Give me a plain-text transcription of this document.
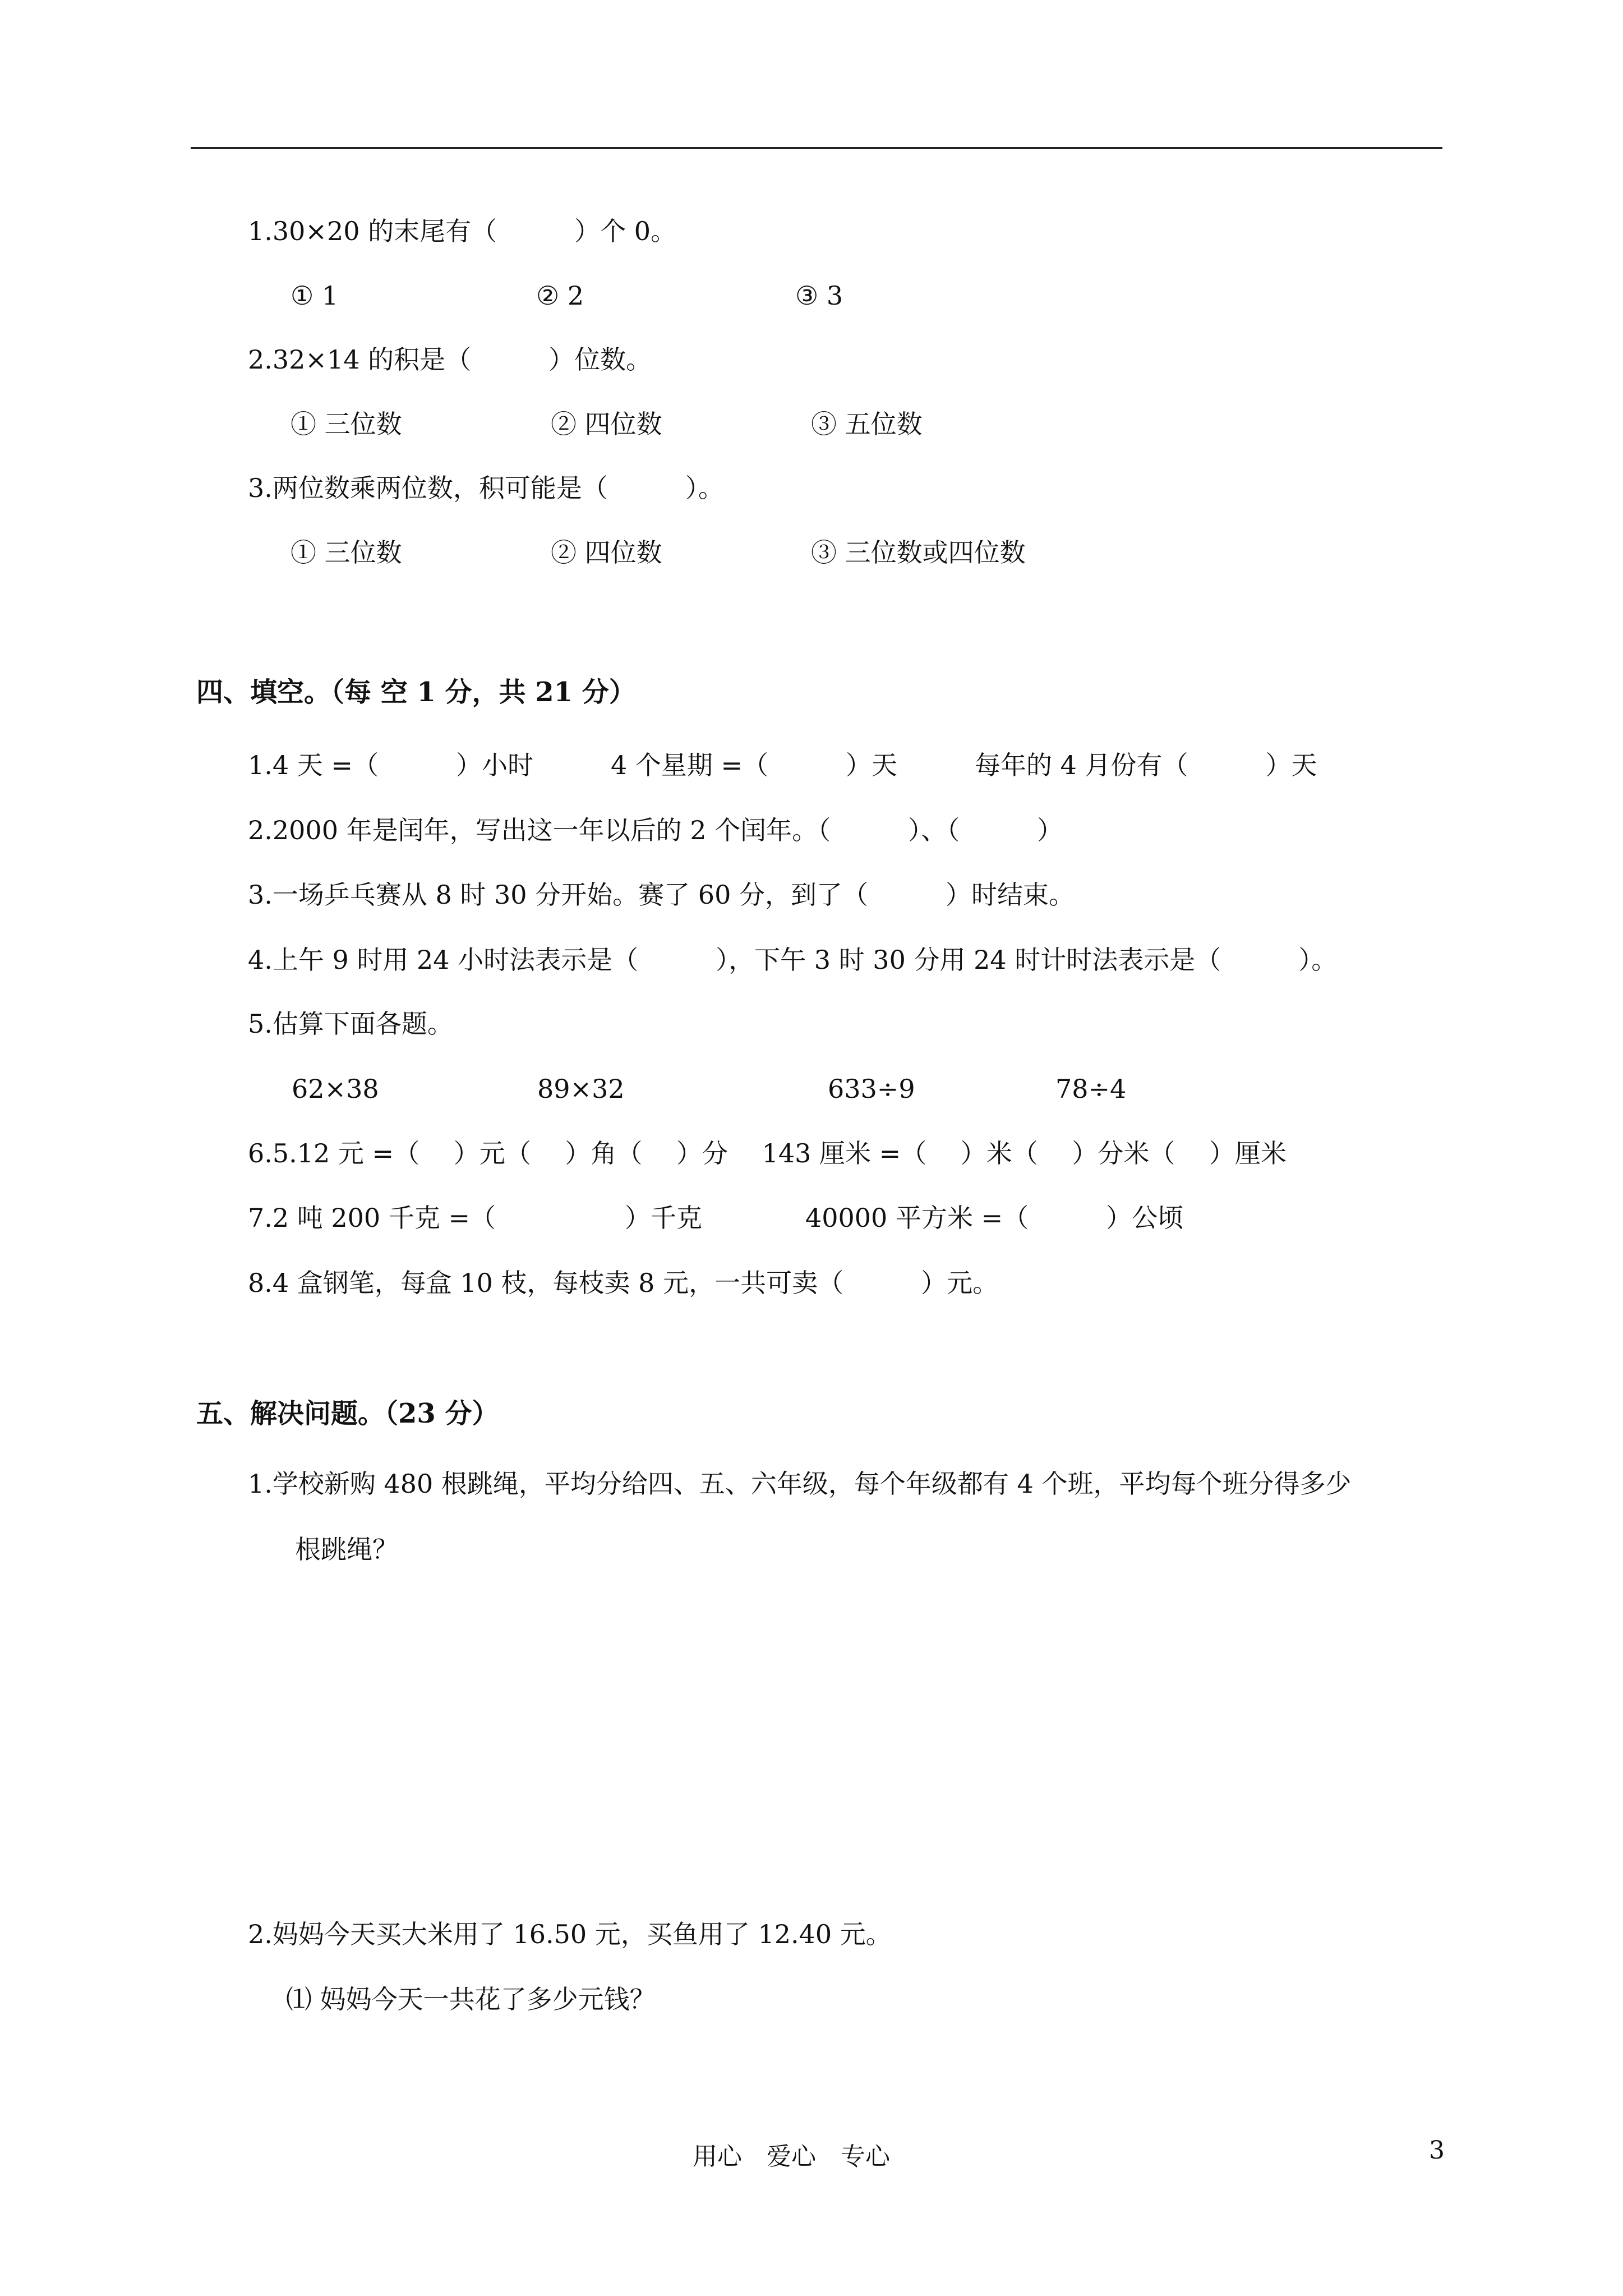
1.30×20 的末尾有（　　　）个 0。
① 1	② 2	③ 3
2.32×14 的积是（　　　）位数。
① 三位数	② 四位数	③ 五位数
3.两位数乘两位数，积可能是（　　　）。
① 三位数	② 四位数	③ 三位数或四位数
四、填空。（每 空 1 分，共 21 分）
1.4 天 =（　　　）小时　　　4 个星期 =（　　　）天　　　每年的 4 月份有（　　　）天
2.2000 年是闰年，写出这一年以后的 2 个闰年。（　　　）、（　　　）
3.一场乒乓赛从 8 时 30 分开始。赛了 60 分，到了（　　　）时结束。
4.上午 9 时用 24 小时法表示是（　　　），下午 3 时 30 分用 24 时计时法表示是（　　　）。
5.估算下面各题。
62×38	89×32	633÷9	78÷4
6.5.12 元 =（　 ）元（　 ）角（　 ）分　 143 厘米 =（　 ）米（　 ）分米（　 ）厘米
7.2 吨 200 千克 =（　　　　　）千克　　　　40000 平方米 =（　　　）公顷
8.4 盒钢笔，每盒 10 枝，每枝卖 8 元，一共可卖（　　　）元。
五、解决问题。（23 分）
1.学校新购 480 根跳绳，平均分给四、五、六年级，每个年级都有 4 个班，平均每个班分得多少
根跳绳？
2.妈妈今天买大米用了 16.50 元，买鱼用了 12.40 元。
⑴ 妈妈今天一共花了多少元钱？
用心　爱心　专心	3
